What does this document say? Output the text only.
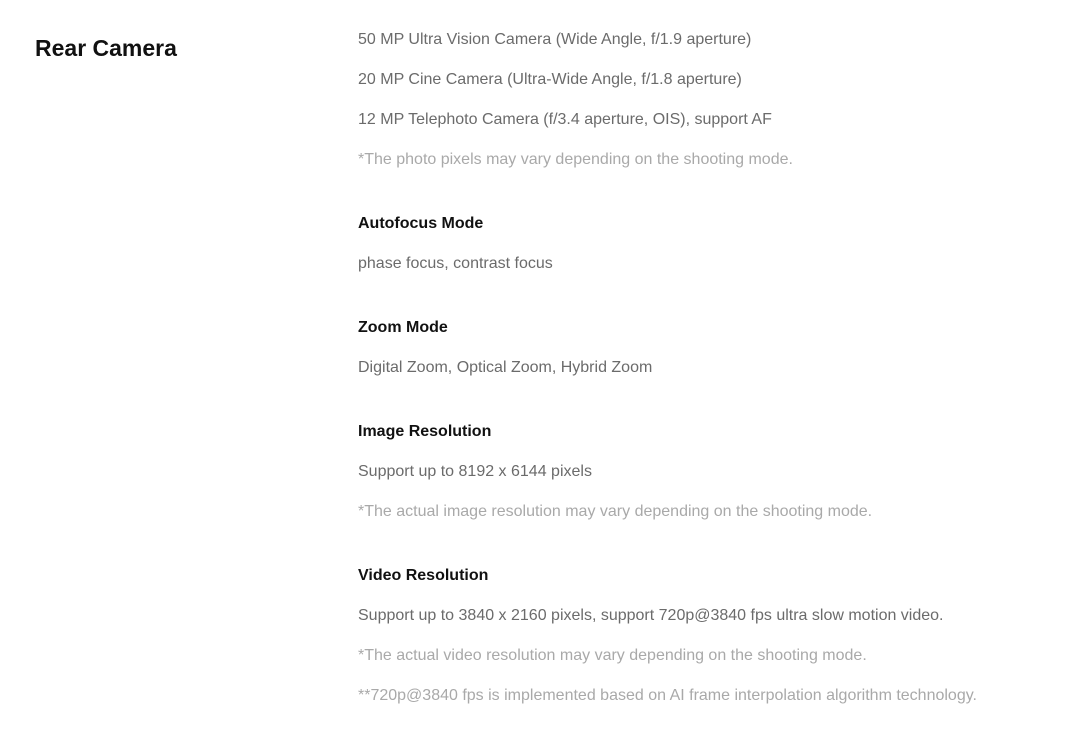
Rear Camera	50 MP Ultra Vision Camera (Wide Angle, f/1.9 aperture)
20 MP Cine Camera (Ultra-Wide Angle, f/1.8 aperture)
12 MP Telephoto Camera (f/3.4 aperture, OIS), support AF
*The photo pixels may vary depending on the shooting mode.
Autofocus Mode
phase focus, contrast focus
Zoom Mode
Digital Zoom, Optical Zoom, Hybrid Zoom
Image Resolution
Support up to 8192 x 6144 pixels
*The actual image resolution may vary depending on the shooting mode.
Video Resolution
Support up to 3840 x 2160 pixels, support 720p@3840 fps ultra slow motion video.
*The actual video resolution may vary depending on the shooting mode.
**720p@3840 fps is implemented based on AI frame interpolation algorithm technology.
